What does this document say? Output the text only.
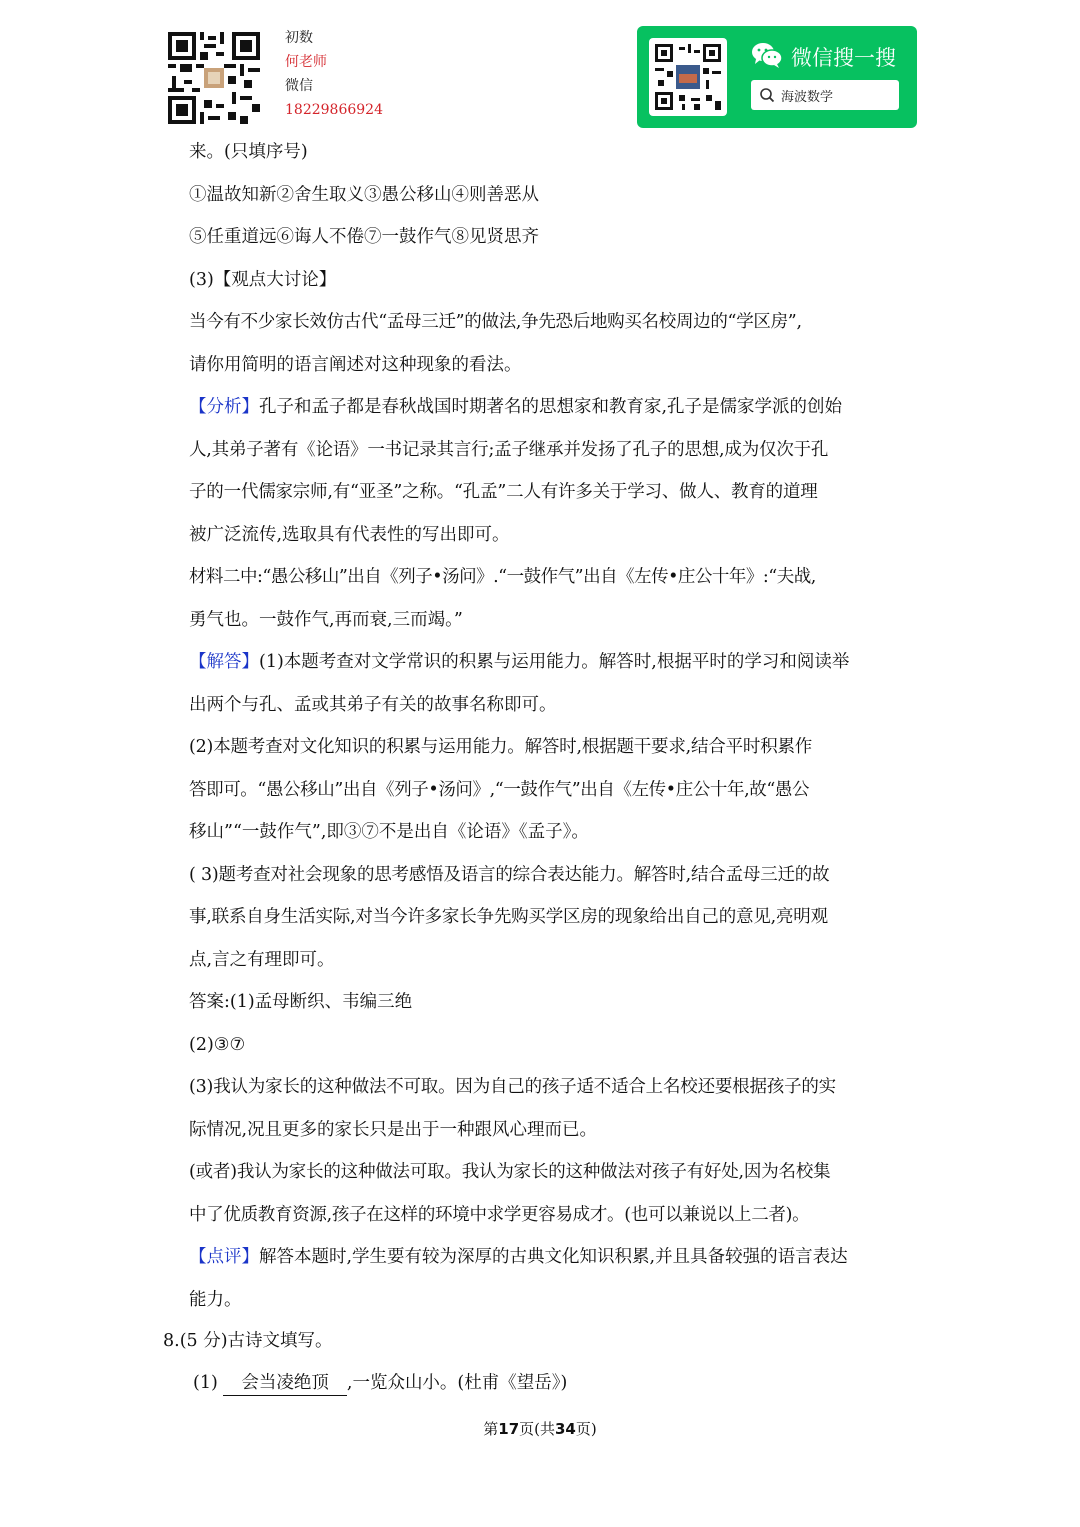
初数
何老师
微信
18229866924
微信搜一搜
海波数学

来。(只填序号)

①温故知新②舍生取义③愚公移山④则善恶从

⑤任重道远⑥诲人不倦⑦一鼓作气⑧见贤思齐

(3)【观点大讨论】

当今有不少家长效仿古代“孟母三迁”的做法,争先恐后地购买名校周边的“学区房”,

请你用简明的语言阐述对这种现象的看法。

【分析】孔子和孟子都是春秋战国时期著名的思想家和教育家,孔子是儒家学派的创始

人,其弟子著有《论语》一书记录其言行;孟子继承并发扬了孔子的思想,成为仅次于孔

子的一代儒家宗师,有“亚圣”之称。“孔孟”二人有许多关于学习、做人、教育的道理

被广泛流传,选取具有代表性的写出即可。

材料二中:“愚公移山”出自《列子•汤问》.“一鼓作气”出自《左传•庄公十年》:“夫战,

勇气也。一鼓作气,再而衰,三而竭。”

【解答】(1)本题考查对文学常识的积累与运用能力。解答时,根据平时的学习和阅读举

出两个与孔、孟或其弟子有关的故事名称即可。

(2)本题考查对文化知识的积累与运用能力。解答时,根据题干要求,结合平时积累作

答即可。“愚公移山”出自《列子•汤问》,“一鼓作气”出自《左传•庄公十年,故“愚公

移山”“一鼓作气”,即③⑦不是出自《论语》《孟子》。

( 3)题考查对社会现象的思考感悟及语言的综合表达能力。解答时,结合孟母三迁的故

事,联系自身生活实际,对当今许多家长争先购买学区房的现象给出自己的意见,亮明观

点,言之有理即可。

答案:(1)孟母断织、韦编三绝

(2)③⑦

(3)我认为家长的这种做法不可取。因为自己的孩子适不适合上名校还要根据孩子的实

际情况,况且更多的家长只是出于一种跟风心理而已。

(或者)我认为家长的这种做法可取。我认为家长的这种做法对孩子有好处,因为名校集

中了优质教育资源,孩子在这样的环境中求学更容易成才。(也可以兼说以上二者)。

【点评】解答本题时,学生要有较为深厚的古典文化知识积累,并且具备较强的语言表达

能力。

8.(5 分)古诗文填写。
(1) 会当凌绝顶 ,一览众山小。(杜甫《望岳》)
第17页(共34页)
